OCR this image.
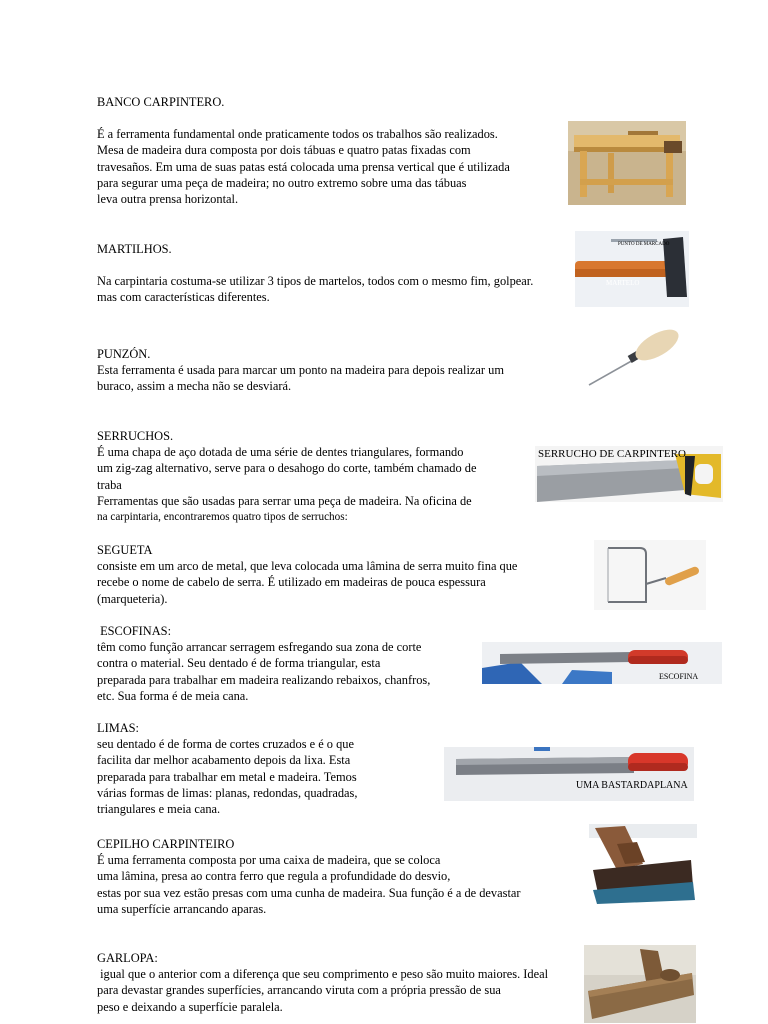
BANCO CARPINTERO.
É a ferramenta fundamental onde praticamente todos os trabalhos são realizados.
Mesa de madeira dura composta por dois tábuas e quatro patas fixadas com
travesaños. Em uma de suas patas está colocada uma prensa vertical que é utilizada
para segurar uma peça de madeira; no outro extremo sobre uma das tábuas
leva outra prensa horizontal.
MARTILHOS.
Na carpintaria costuma-se utilizar 3 tipos de martelos, todos com o mesmo fim, golpear.
mas com características diferentes.
PUNTO DE MARCADO
MARTELO
PUNZÓN.
Esta ferramenta é usada para marcar um ponto na madeira para depois realizar um
buraco, assim a mecha não se desviará.
SERRUCHOS.
É uma chapa de aço dotada de uma série de dentes triangulares, formando
um zig-zag alternativo, serve para o desahogo do corte, também chamado de
traba
Ferramentas que são usadas para serrar uma peça de madeira. Na oficina de
na carpintaria, encontraremos quatro tipos de serruchos:
SERRUCHO DE CARPINTERO
SEGUETA
consiste em um arco de metal, que leva colocada uma lâmina de serra muito fina que
recebe o nome de cabelo de serra. É utilizado em madeiras de pouca espessura
(marqueteria).
ESCOFINAS:
têm como função arrancar serragem esfregando sua zona de corte
contra o material. Seu dentado é de forma triangular, esta
preparada para trabalhar em madeira realizando rebaixos, chanfros,
etc. Sua forma é de meia cana.
ESCOFINA
LIMAS:
seu dentado é de forma de cortes cruzados e é o que
facilita dar melhor acabamento depois da lixa. Esta
preparada para trabalhar em metal e madeira. Temos
várias formas de limas: planas, redondas, quadradas,
triangulares e meia cana.
UMA BASTARDAPLANA
CEPILHO CARPINTEIRO
É uma ferramenta composta por uma caixa de madeira, que se coloca
uma lâmina, presa ao contra ferro que regula a profundidade do desvio,
estas por sua vez estão presas com uma cunha de madeira. Sua função é a de devastar
uma superfície arrancando aparas.
GARLOPA:
igual que o anterior com a diferença que seu comprimento e peso são muito maiores. Ideal
para devastar grandes superfícies, arrancando viruta com a própria pressão de sua
peso e deixando a superfície paralela.
